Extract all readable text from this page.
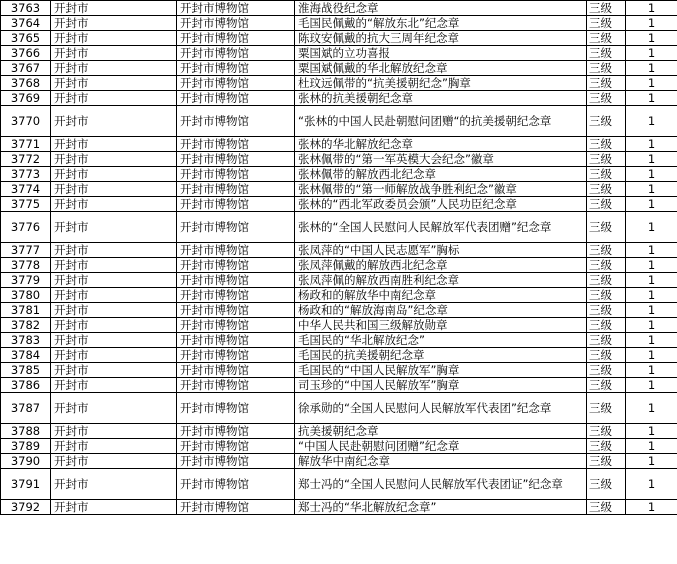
3763	开封市	开封市博物馆	淮海战役纪念章	三级	1
3764	开封市	开封市博物馆	毛国民佩戴的“解放东北”纪念章	三级	1
3765	开封市	开封市博物馆	陈玟安佩戴的抗大三周年纪念章	三级	1
3766	开封市	开封市博物馆	粟国斌的立功喜报	三级	1
3767	开封市	开封市博物馆	粟国斌佩戴的华北解放纪念章	三级	1
3768	开封市	开封市博物馆	杜玟远佩带的“抗美援朝纪念”胸章	三级	1
3769	开封市	开封市博物馆	张林的抗美援朝纪念章	三级	1
3770	开封市	开封市博物馆	“张林的中国人民赴朝慰问团赠“的抗美援朝纪念章	三级	1
3771	开封市	开封市博物馆	张林的华北解放纪念章	三级	1
3772	开封市	开封市博物馆	张林佩带的“第一军英模大会纪念”徽章	三级	1
3773	开封市	开封市博物馆	张林佩带的解放西北纪念章	三级	1
3774	开封市	开封市博物馆	张林佩带的“第一师解放战争胜利纪念”徽章	三级	1
3775	开封市	开封市博物馆	张林的“西北军政委员会颁”人民功臣纪念章	三级	1
3776	开封市	开封市博物馆	张林的“全国人民慰问人民解放军代表团赠”纪念章	三级	1
3777	开封市	开封市博物馆	张凤萍的“中国人民志愿军”胸标	三级	1
3778	开封市	开封市博物馆	张凤萍佩戴的解放西北纪念章	三级	1
3779	开封市	开封市博物馆	张凤萍佩的解放西南胜利纪念章	三级	1
3780	开封市	开封市博物馆	杨政和的解放华中南纪念章	三级	1
3781	开封市	开封市博物馆	杨政和的“解放海南岛”纪念章	三级	1
3782	开封市	开封市博物馆	中华人民共和国三级解放勋章	三级	1
3783	开封市	开封市博物馆	毛国民的“华北解放纪念”	三级	1
3784	开封市	开封市博物馆	毛国民的抗美援朝纪念章	三级	1
3785	开封市	开封市博物馆	毛国民的“中国人民解放军”胸章	三级	1
3786	开封市	开封市博物馆	司玉珍的“中国人民解放军”胸章	三级	1
3787	开封市	开封市博物馆	徐承勋的“全国人民慰问人民解放军代表团”纪念章	三级	1
3788	开封市	开封市博物馆	抗美援朝纪念章	三级	1
3789	开封市	开封市博物馆	“中国人民赴朝慰问团赠”纪念章	三级	1
3790	开封市	开封市博物馆	解放华中南纪念章	三级	1
3791	开封市	开封市博物馆	郑士冯的“全国人民慰问人民解放军代表团证”纪念章	三级	1
3792	开封市	开封市博物馆	郑士冯的“华北解放纪念章”	三级	1
